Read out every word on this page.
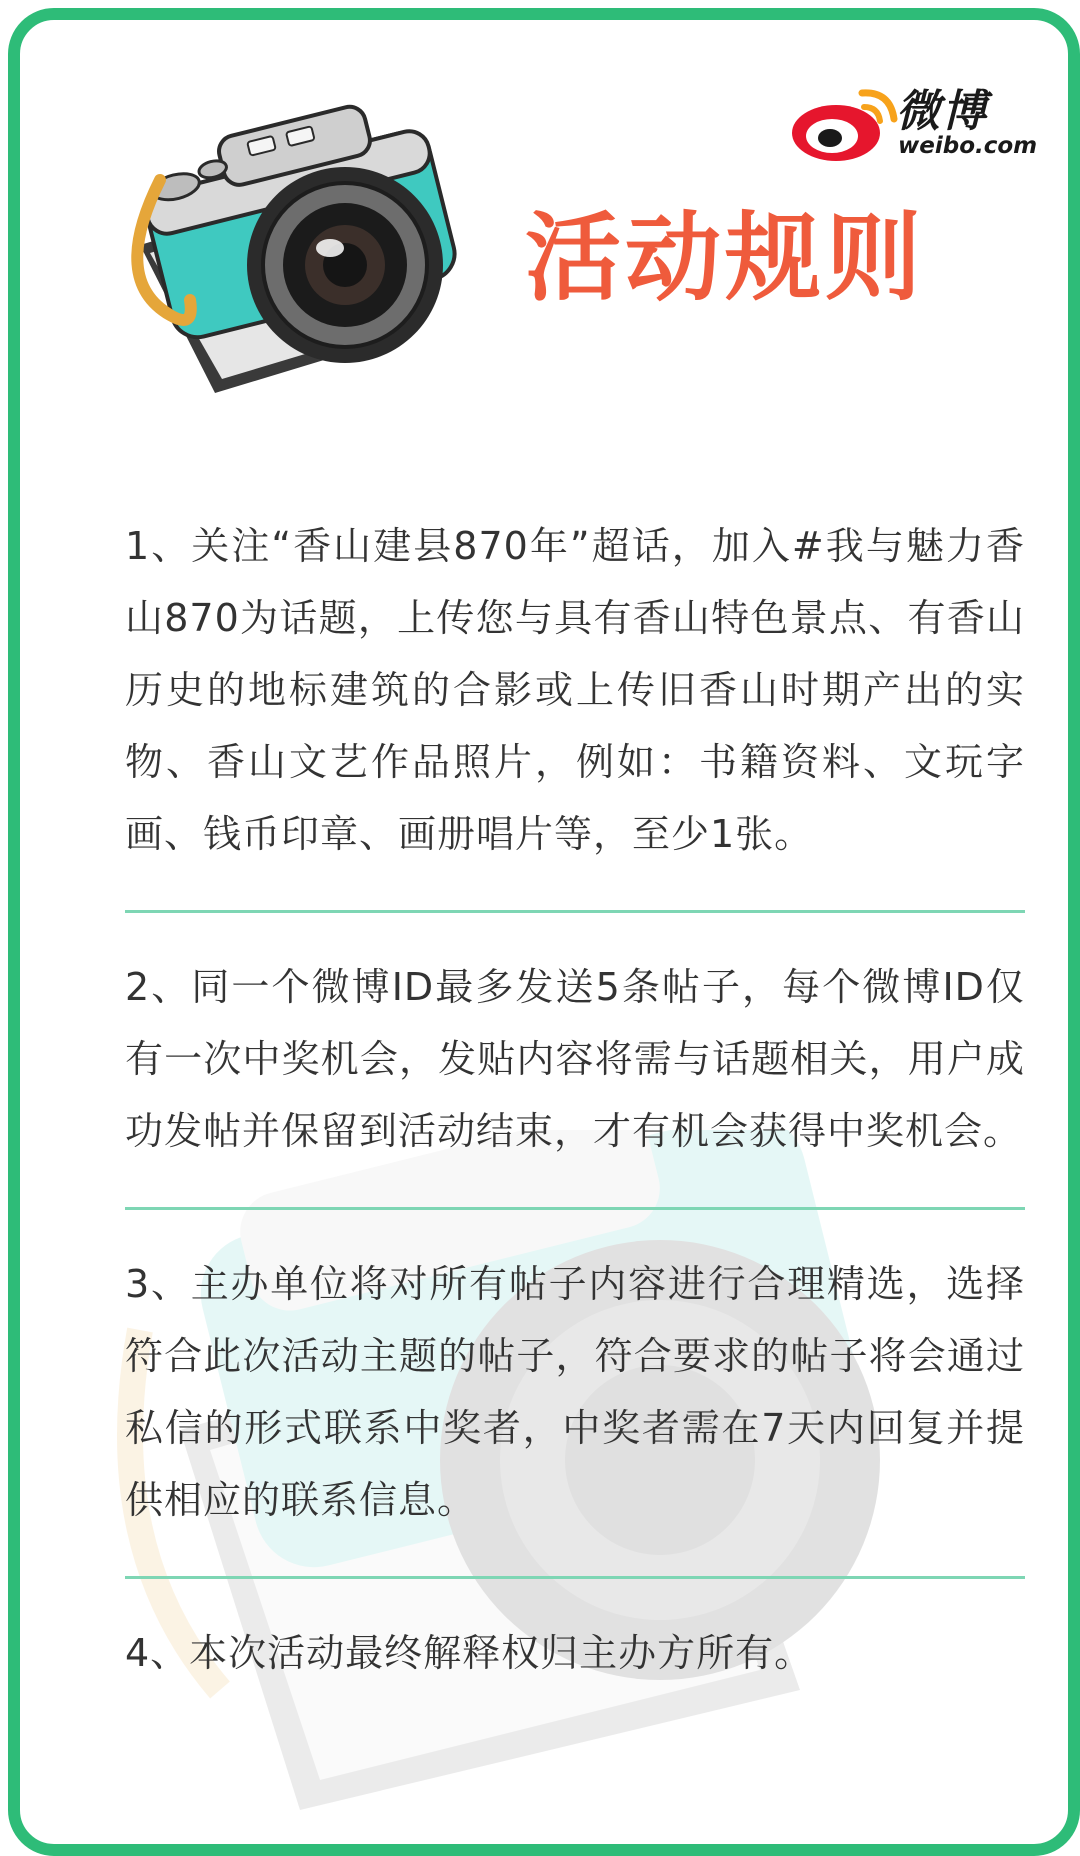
微博
weibo.com
活动规则

1、关注“香山建县870年”超话，加入#我与魅力香山870为话题，上传您与具有香山特色景点、有香山历史的地标建筑的合影或上传旧香山时期产出的实物、香山文艺作品照片，例如：书籍资料、文玩字画、钱币印章、画册唱片等，至少1张。

2、同一个微博ID最多发送5条帖子，每个微博ID仅有一次中奖机会，发贴内容将需与话题相关，用户成功发帖并保留到活动结束，才有机会获得中奖机会。

3、主办单位将对所有帖子内容进行合理精选，选择符合此次活动主题的帖子，符合要求的帖子将会通过私信的形式联系中奖者，中奖者需在7天内回复并提供相应的联系信息。

4、本次活动最终解释权归主办方所有。
